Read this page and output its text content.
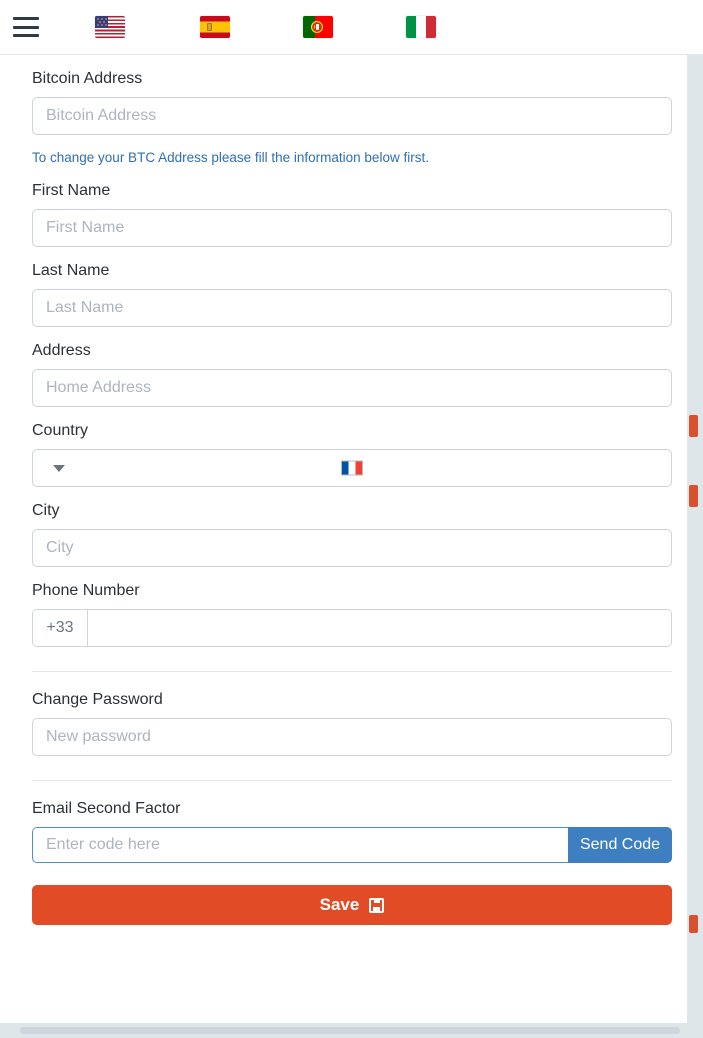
Bitcoin Address
Bitcoin Address

To change your BTC Address please fill the information below first.

First Name
First Name
Last Name
Last Name
Address
Home Address
Country
City
City
Phone Number
+33
Change Password
Email Second Factor
Enter code here
Send Code
Save
